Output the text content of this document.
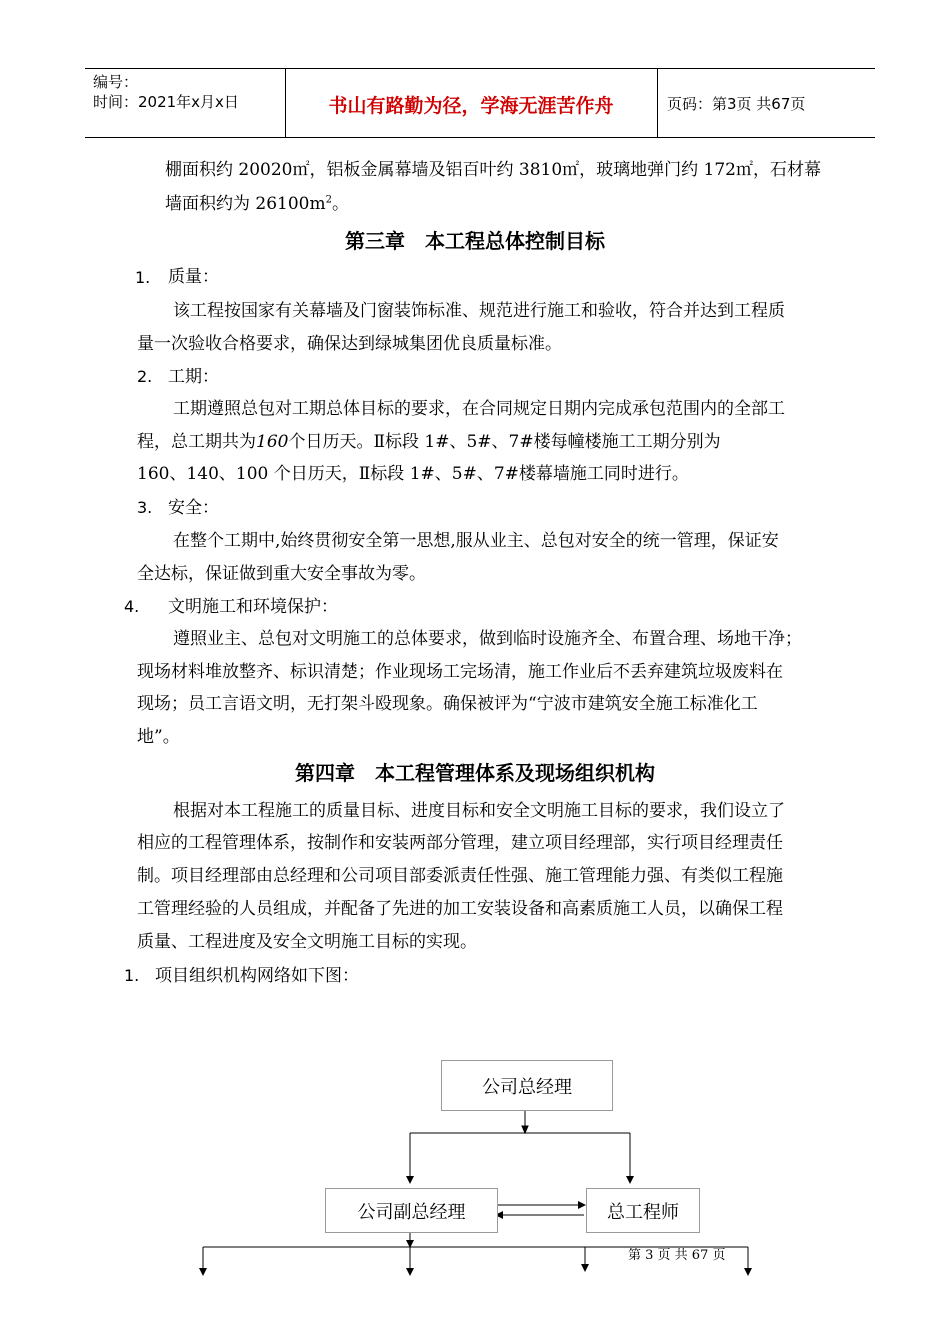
编号：
时间：2021年x月x日	书山有路勤为径，学海无涯苦作舟	页码：第3页 共67页
棚面积约 20020㎡，铝板金属幕墙及铝百叶约 3810㎡，玻璃地弹门约 172㎡，石材幕
墙面积约为 $26100m^2$。
第三章　本工程总体控制目标
1. 质量：
该工程按国家有关幕墙及门窗装饰标准、规范进行施工和验收，符合并达到工程质
量一次验收合格要求，确保达到绿城集团优良质量标准。
2. 工期：
工期遵照总包对工期总体目标的要求，在合同规定日期内完成承包范围内的全部工
程，总工期共为160个日历天。Ⅱ标段 1#、5#、7#楼每幢楼施工工期分别为
160、140、100 个日历天，Ⅱ标段 1#、5#、7#楼幕墙施工同时进行。
3. 安全：
在整个工期中,始终贯彻安全第一思想,服从业主、总包对安全的统一管理，保证安
全达标，保证做到重大安全事故为零。
4. 文明施工和环境保护：
遵照业主、总包对文明施工的总体要求，做到临时设施齐全、布置合理、场地干净；
现场材料堆放整齐、标识清楚；作业现场工完场清，施工作业后不丢弃建筑垃圾废料在
现场；员工言语文明，无打架斗殴现象。确保被评为“宁波市建筑安全施工标准化工
地”。
第四章　本工程管理体系及现场组织机构
根据对本工程施工的质量目标、进度目标和安全文明施工目标的要求，我们设立了
相应的工程管理体系，按制作和安装两部分管理，建立项目经理部，实行项目经理责任
制。项目经理部由总经理和公司项目部委派责任性强、施工管理能力强、有类似工程施
工管理经验的人员组成，并配备了先进的加工安装设备和高素质施工人员，以确保工程
质量、工程进度及安全文明施工目标的实现。
1. 项目组织机构网络如下图：
公司总经理
公司副总经理	总工程师
第 3 页 共 67 页
